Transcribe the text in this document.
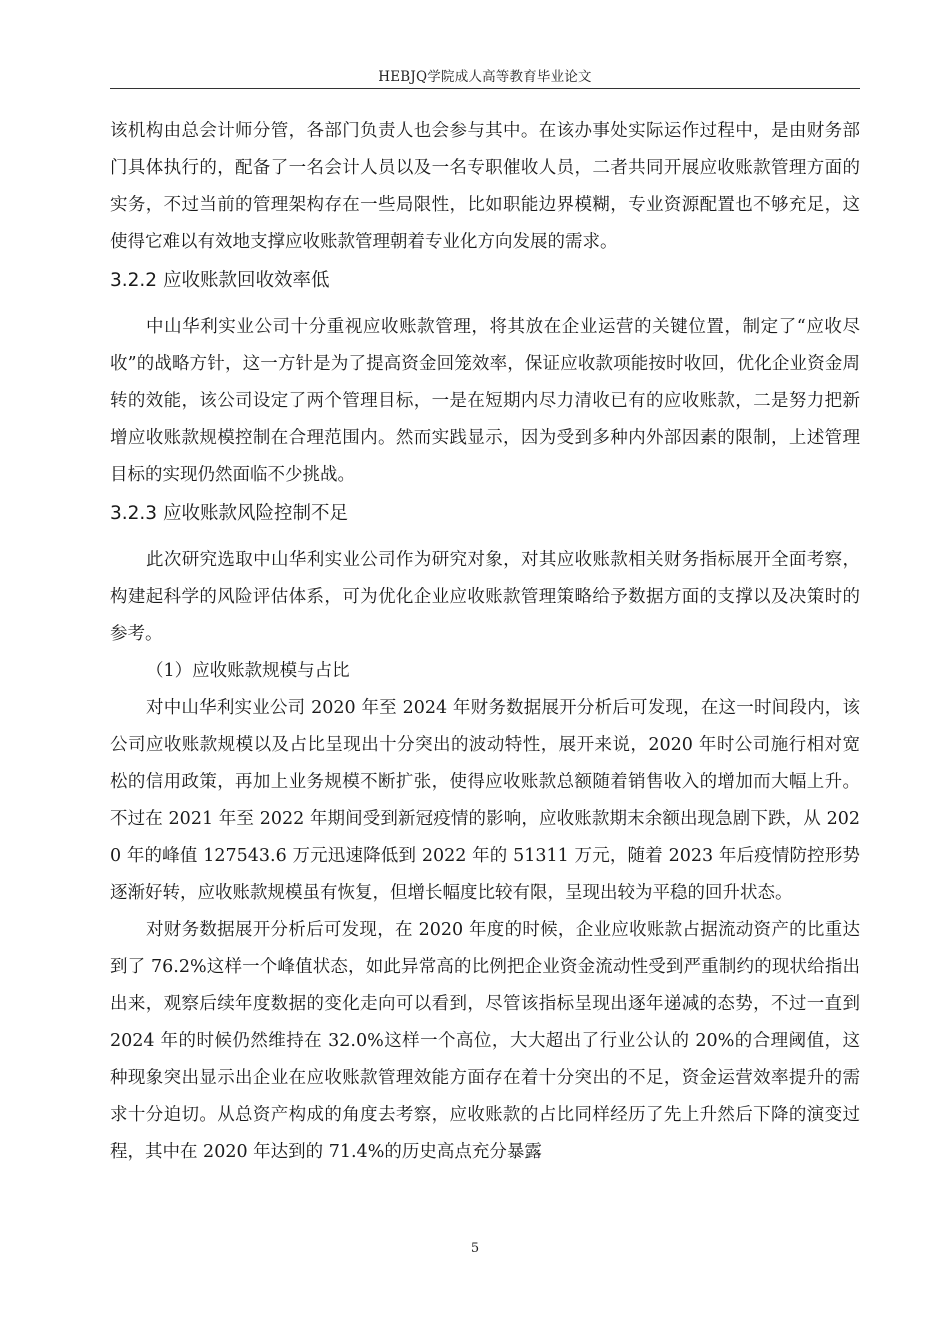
HEBJQ学院成人高等教育毕业论文

该机构由总会计师分管，各部门负责人也会参与其中。在该办事处实际运作过程中，是由财务部门具体执行的，配备了一名会计人员以及一名专职催收人员，二者共同开展应收账款管理方面的实务，不过当前的管理架构存在一些局限性，比如职能边界模糊，专业资源配置也不够充足，这使得它难以有效地支撑应收账款管理朝着专业化方向发展的需求。

3.2.2 应收账款回收效率低

中山华利实业公司十分重视应收账款管理，将其放在企业运营的关键位置，制定了“应收尽收”的战略方针，这一方针是为了提高资金回笼效率，保证应收款项能按时收回，优化企业资金周转的效能，该公司设定了两个管理目标，一是在短期内尽力清收已有的应收账款，二是努力把新增应收账款规模控制在合理范围内。然而实践显示，因为受到多种内外部因素的限制，上述管理目标的实现仍然面临不少挑战。

3.2.3 应收账款风险控制不足

此次研究选取中山华利实业公司作为研究对象，对其应收账款相关财务指标展开全面考察，构建起科学的风险评估体系，可为优化企业应收账款管理策略给予数据方面的支撑以及决策时的参考。

（1）应收账款规模与占比

对中山华利实业公司 2020 年至 2024 年财务数据展开分析后可发现，在这一时间段内，该公司应收账款规模以及占比呈现出十分突出的波动特性，展开来说，2020 年时公司施行相对宽松的信用政策，再加上业务规模不断扩张，使得应收账款总额随着销售收入的增加而大幅上升。不过在 2021 年至 2022 年期间受到新冠疫情的影响，应收账款期末余额出现急剧下跌，从 2020 年的峰值 127543.6 万元迅速降低到 2022 年的 51311 万元，随着 2023 年后疫情防控形势逐渐好转，应收账款规模虽有恢复，但增长幅度比较有限，呈现出较为平稳的回升状态。

对财务数据展开分析后可发现，在 2020 年度的时候，企业应收账款占据流动资产的比重达到了 76.2%这样一个峰值状态，如此异常高的比例把企业资金流动性受到严重制约的现状给指出出来，观察后续年度数据的变化走向可以看到，尽管该指标呈现出逐年递减的态势，不过一直到 2024 年的时候仍然维持在 32.0%这样一个高位，大大超出了行业公认的 20%的合理阈值，这种现象突出显示出企业在应收账款管理效能方面存在着十分突出的不足，资金运营效率提升的需求十分迫切。从总资产构成的角度去考察，应收账款的占比同样经历了先上升然后下降的演变过程，其中在 2020 年达到的 71.4%的历史高点充分暴露

5
